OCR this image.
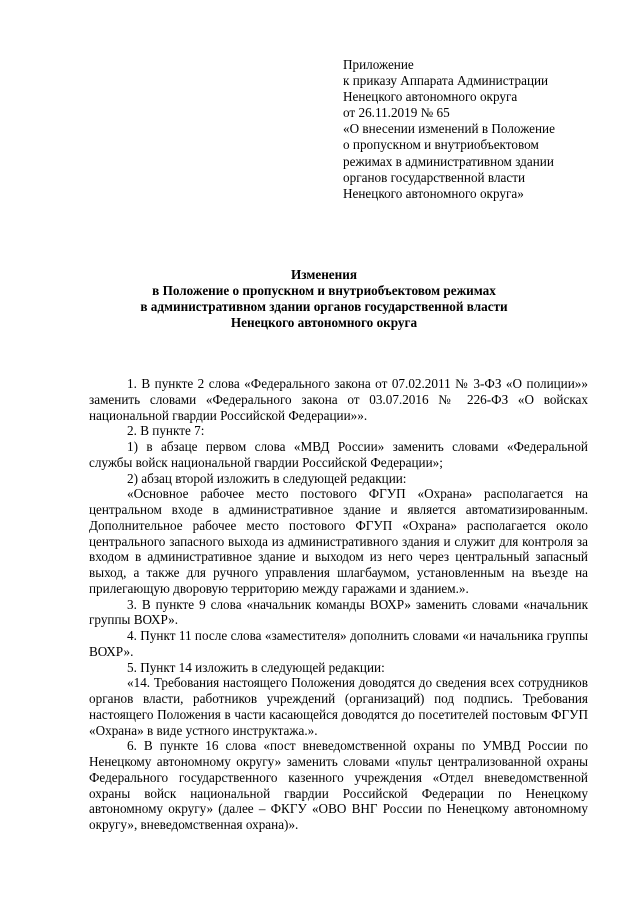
Приложение
к приказу Аппарата Администрации
Ненецкого автономного округа
от 26.11.2019 № 65
«О внесении изменений в Положение
о пропускном и внутриобъектовом
режимах в административном здании
органов государственной власти
Ненецкого автономного округа»
Изменения
в Положение о пропускном и внутриобъектовом режимах
в административном здании органов государственной власти
Ненецкого автономного округа

1. В пункте 2 слова «Федерального закона от 07.02.2011 № 3-ФЗ «О полиции»» заменить словами «Федерального закона от 03.07.2016 № 226-ФЗ «О войсках национальной гвардии Российской Федерации»».

2. В пункте 7:

1) в абзаце первом слова «МВД России» заменить словами «Федеральной службы войск национальной гвардии Российской Федерации»;

2) абзац второй изложить в следующей редакции:

«Основное рабочее место постового ФГУП «Охрана» располагается на центральном входе в административное здание и является автоматизированным. Дополнительное рабочее место постового ФГУП «Охрана» располагается около центрального запасного выхода из административного здания и служит для контроля за входом в административное здание и выходом из него через центральный запасный выход, а также для ручного управления шлагбаумом, установленным на въезде на прилегающую дворовую территорию между гаражами и зданием.».

3. В пункте 9 слова «начальник команды ВОХР» заменить словами «начальник группы ВОХР».

4. Пункт 11 после слова «заместителя» дополнить словами «и начальника группы ВОХР».

5. Пункт 14 изложить в следующей редакции:

«14. Требования настоящего Положения доводятся до сведения всех сотрудников органов власти, работников учреждений (организаций) под подпись. Требования настоящего Положения в части касающейся доводятся до посетителей постовым ФГУП «Охрана» в виде устного инструктажа.».

6. В пункте 16 слова «пост вневедомственной охраны по УМВД России по Ненецкому автономному округу» заменить словами «пульт централизованной охраны Федерального государственного казенного учреждения «Отдел вневедомственной охраны войск национальной гвардии Российской Федерации по Ненецкому автономному округу» (далее – ФКГУ «ОВО ВНГ России по Ненецкому автономному округу», вневедомственная охрана)».
